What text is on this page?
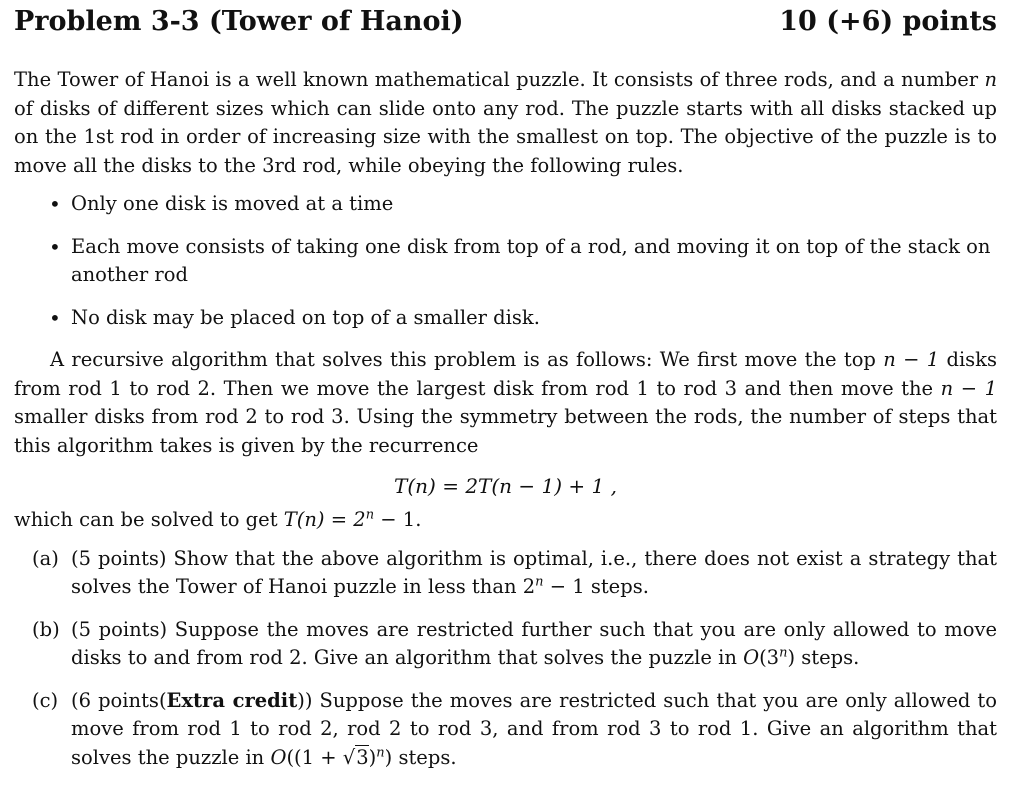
Problem 3-3 (Tower of Hanoi)	10 (+6) points

The Tower of Hanoi is a well known mathematical puzzle. It consists of three rods, and a number n of disks of different sizes which can slide onto any rod. The puzzle starts with all disks stacked up on the 1st rod in order of increasing size with the smallest on top. The objective of the puzzle is to move all the disks to the 3rd rod, while obeying the following rules.

• Only one disk is moved at a time
• Each move consists of taking one disk from top of a rod, and moving it on top of the stack on another rod
• No disk may be placed on top of a smaller disk.

A recursive algorithm that solves this problem is as follows: We first move the top n − 1 disks from rod 1 to rod 2. Then we move the largest disk from rod 1 to rod 3 and then move the n − 1 smaller disks from rod 2 to rod 3. Using the symmetry between the rods, the number of steps that this algorithm takes is given by the recurrence

T(n) = 2T(n − 1) + 1 ,

which can be solved to get $T(n) = 2^n - 1$.

(a) (5 points) Show that the above algorithm is optimal, i.e., there does not exist a strategy that solves the Tower of Hanoi puzzle in less than $2^n - 1$ steps.
(b) (5 points) Suppose the moves are restricted further such that you are only allowed to move disks to and from rod 2. Give an algorithm that solves the puzzle in O(3$^n$) steps.
(c) (6 points(Extra credit)) Suppose the moves are restricted such that you are only allowed to move from rod 1 to rod 2, rod 2 to rod 3, and from rod 3 to rod 1. Give an algorithm that solves the puzzle in $O((1 + √3)^n)$ steps.
